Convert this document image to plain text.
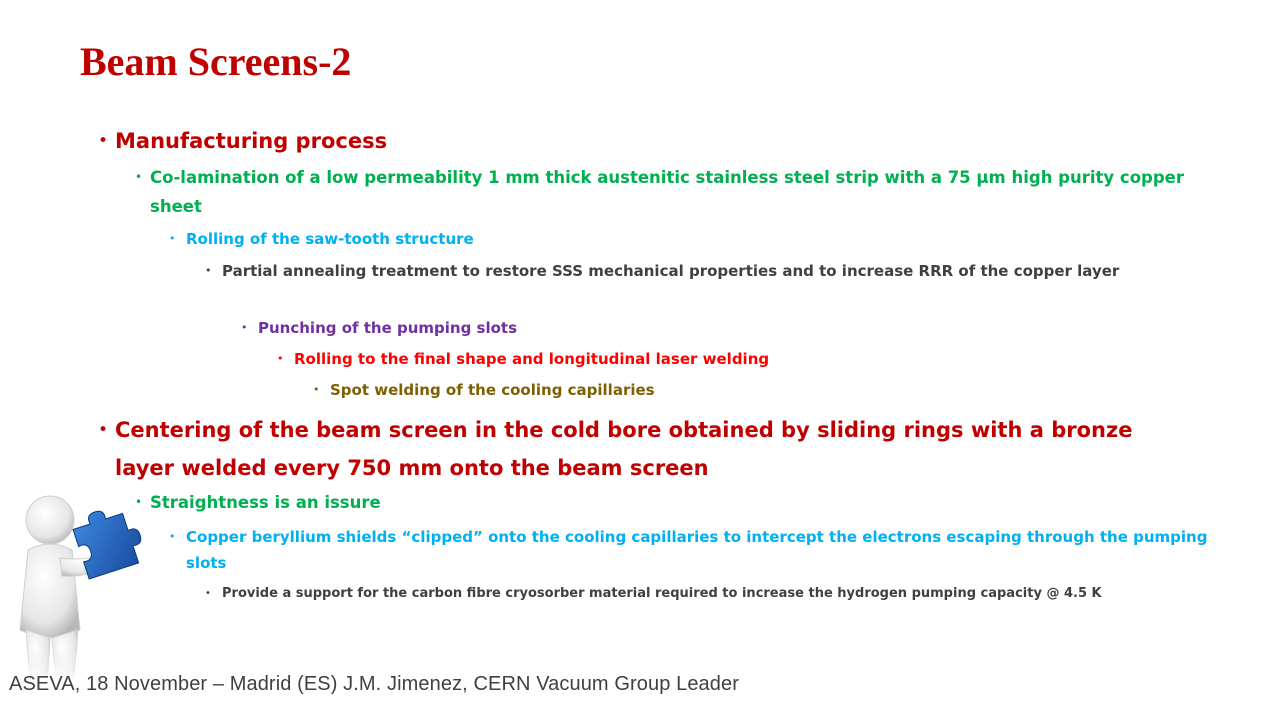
Beam Screens-2
• Manufacturing process
• Co-lamination of a low permeability 1 mm thick austenitic stainless steel strip with a 75 µm high purity copper sheet
• Rolling of the saw-tooth structure
• Partial annealing treatment to restore SSS mechanical properties and to increase RRR of the copper layer
• Punching of the pumping slots
• Rolling to the final shape and longitudinal laser welding
• Spot welding of the cooling capillaries
• Centering of the beam screen in the cold bore obtained by sliding rings with a bronze layer welded every 750 mm onto the beam screen
• Straightness is an issure
• Copper beryllium shields “clipped” onto the cooling capillaries to intercept the electrons escaping through the pumping slots
• Provide a support for the carbon fibre cryosorber material required to increase the hydrogen pumping capacity @ 4.5 K
ASEVA, 18 November – Madrid (ES) J.M. Jimenez, CERN Vacuum Group Leader
